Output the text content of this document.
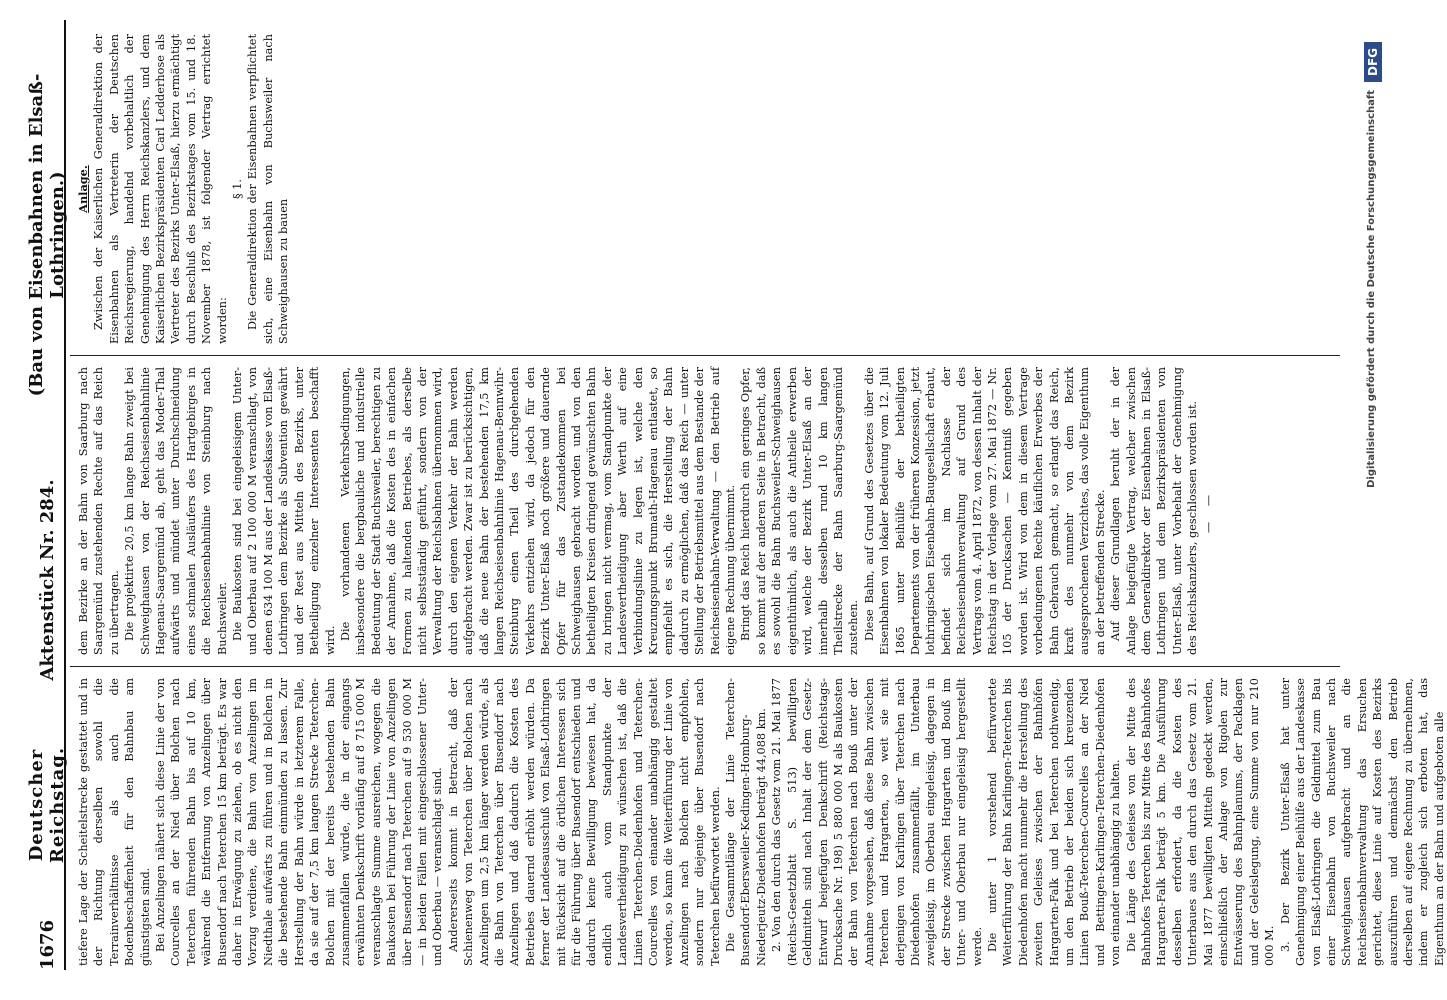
1676
Deutscher Reichstag.
Aktenstück Nr. 284.
(Bau von Eisenbahnen in Elsaß-Lothringen.)

tiefere Lage der Scheitelstrecke gestattet und in der Richtung derselben sowohl die Terrainverhältnisse als auch die Bodenbeschaffenheit für den Bahnbau am günstigsten sind. Bei Anzelingen nähert sich diese Linie der von Courcelles an der Nied über Bolchen nach Teterchen führenden Bahn bis auf 10 km, während die Entfernung von Anzelingen über Busendorf nach Teterchen 15 km beträgt. Es war daher in Erwägung zu ziehen, ob es nicht den Vorzug verdiene, die Bahn von Anzelingen im Niedthale aufwärts zu führen und in Bolchen in die bestehende Bahn einmünden zu lassen. Zur Herstellung der Bahn würde in letzterem Falle, da sie auf der 7,5 km langen Strecke Teterchen-Bolchen mit der bereits bestehenden Bahn zusammenfallen würde, die in der eingangs erwähnten Denkschrift vorläufig auf 8 715 000 M veranschlagte Summe ausreichen, wogegen die Baukosten bei Führung der Linie von Anzelingen über Busendorf nach Teterchen auf 9 530 000 M — in beiden Fällen mit eingeschlossener Unter- und Oberbau — veranschlagt sind. Andererseits kommt in Betracht, daß der Schienenweg von Teterchen über Bolchen nach Anzelingen um 2,5 km länger werden würde, als die Bahn von Teterchen über Busendorf nach Anzelingen und daß dadurch die Kosten des Betriebes dauernd erhöht werden würden. Da ferner der Landesausschuß von Elsaß-Lothringen mit Rücksicht auf die örtlichen Interessen sich für die Führung über Busendorf entschieden und dadurch keine Bewilligung bewiesen hat, da endlich auch vom Standpunkte der Landesvertheidigung zu wünschen ist, daß die Linien Teterchen-Diedenhofen und Teterchen-Courcelles von einander unabhängig gestaltet werden, so kann die Weiterführung der Linie von Anzelingen nach Bolchen nicht empfohlen, sondern nur diejenige über Busendorf nach Teterchen befürwortet werden. Die Gesammtlänge der Linie Teterchen-Busendorf-Ebersweiler-Kedingen-Homburg-Niederjeutz-Diedenhofen beträgt 44,088 km. 2. Von den durch das Gesetz vom 21. Mai 1877 (Reichs-Gesetzblatt S. 513) bewilligten Geldmitteln sind nach Inhalt der dem Gesetz-Entwurf beigefügten Denkschrift (Reichstags-Drucksache Nr. 198) 5 880 000 M als Baukosten der Bahn von Teterchen nach Bouß unter der Annahme vorgesehen, daß diese Bahn zwischen Teterchen und Hargarten, so weit sie mit derjenigen von Karlingen über Teterchen nach Diedenhofen zusammenfällt, im Unterbau zweigleisig, im Oberbau eingeleisig, dagegen in der Strecke zwischen Hargarten und Bouß im Unter- und Oberbau nur eingeleisig hergestellt werde. Die unter 1 vorstehend befürwortete Weiterführung der Bahn Karlingen-Teterchen bis Diedenhofen macht nunmehr die Herstellung des zweiten Geleises zwischen der Bahnhöfen Hargarten-Falk und bei Teterchen nothwendig, um den Betrieb der beiden sich kreuzenden Linien Bouß-Teterchen-Courcelles an der Nied und Bettingen-Karlingen-Teterchen-Diedenhofen von einander unabhängig zu halten. Die Länge des Geleises von der Mitte des Bahnhofes Teterchen bis zur Mitte des Bahnhofes Hargarten-Falk beträgt 5 km. Die Ausführung desselben erfordert, da die Kosten des Unterbaues aus den durch das Gesetz vom 21. Mai 1877 bewilligten Mitteln gedeckt werden, einschließlich der Anlage von Rigolen zur Entwässerung des Bahnplanums, der Packlagen und der Geleislegung, eine Summe von nur 210 000 M. 3. Der Bezirk Unter-Elsaß hat unter Genehmigung einer Beihülfe aus der Landeskasse von Elsaß-Lothringen die Geldmittel zum Bau einer Eisenbahn von Buchsweiler nach Schweighausen aufgebracht und an die Reichseisenbahnverwaltung das Ersuchen gerichtet, diese Linie auf Kosten des Bezirks auszuführen und demnächst den Betrieb derselben auf eigene Rechnung zu übernehmen, indem er zugleich sich erboten hat, das Eigenthum an der Bahn und aufgeboten alle

dem Bezirke an der Bahn von Saarburg nach Saargemünd zustehenden Rechte auf das Reich zu übertragen. Die projektirte 20,5 km lange Bahn zweigt bei Schweighausen von der Reichseisenbahnlinie Hagenau-Saargemünd ab, geht das Moder-Thal aufwärts und mündet unter Durchschneidung eines schmalen Ausläufers des Hartgebirges in die Reichseisenbahnlinie von Steinburg nach Buchsweiler. Die Baukosten sind bei eingeleisigem Unter- und Oberbau auf 2 100 000 M veranschlagt, von denen 634 100 M aus der Landeskasse von Elsaß-Lothringen dem Bezirke als Subvention gewährt und der Rest aus Mitteln des Bezirks, unter Betheiligung einzelner Interessenten beschafft wird. Die vorhandenen Verkehrsbedingungen, insbesondere die bergbauliche und industrielle Bedeutung der Stadt Buchsweiler, berechtigen zu der Annahme, daß die Kosten des in einfachen Formen zu haltenden Betriebes, als derselbe nicht selbstständig geführt, sondern von der Verwaltung der Reichsbahnen übernommen wird, durch den eigenen Verkehr der Bahn werden aufgebracht werden. Zwar ist zu berücksichtigen, daß die neue Bahn der bestehenden 17,5 km langen Reichseisenbahnlinie Hagenau-Bennwihr-Steinburg einen Theil des durchgehenden Verkehrs entziehen wird, da jedoch für den Bezirk Unter-Elsaß noch größere und dauernde Opfer für das Zustandekommen bei Schweighausen gebracht worden und von den betheiligten Kreisen dringend gewünschten Bahn zu bringen nicht vermag, vom Standpunkte der Landesvertheidigung aber Werth auf eine Verbindungslinie zu legen ist, welche den Kreuzungspunkt Brumath-Hagenau entlastet, so empfiehlt es sich, die Herstellung der Bahn dadurch zu ermöglichen, daß das Reich — unter Stellung der Betriebsmittel aus dem Bestande der Reichseisenbahn-Verwaltung — den Betrieb auf eigene Rechnung übernimmt. Bringt das Reich hierdurch ein geringes Opfer, so kommt auf der anderen Seite in Betracht, daß es sowohl die Bahn Buchsweiler-Schweighausen eigenthümlich, als auch die Antheile erwerben wird, welche der Bezirk Unter-Elsaß an der innerhalb desselben rund 10 km langen Theilstrecke der Bahn Saarburg-Saargemünd zustehen. Diese Bahn, auf Grund des Gesetzes über die Eisenbahnen von lokaler Bedeutung vom 12. Juli 1865 unter Beihülfe der betheiligten Departements von der früheren Konzession, jetzt lothringischen Eisenbahn-Baugesellschaft erbaut, befindet sich im Nachlasse der Reichseisenbahnverwaltung auf Grund des Vertrags vom 4. April 1872, von dessen Inhalt der Reichstag in der Vorlage vom 27. Mai 1872 — Nr. 105 der Drucksachen — Kenntniß gegeben worden ist. Wird von dem in diesem Vertrage vorbedungenen Rechte käuflichen Erwerbes der Bahn Gebrauch gemacht, so erlangt das Reich, kraft des nunmehr von dem Bezirk ausgesprochenen Verzichtes, das volle Eigenthum an der betreffenden Strecke. Auf dieser Grundlagen beruht der in der Anlage beigefügte Vertrag, welcher zwischen dem Generaldirektor der Eisenbahnen in Elsaß-Lothringen und dem Bezirkspräsidenten von Unter-Elsaß, unter Vorbehalt der Genehmigung des Reichskanzlers, geschlossen worden ist. — —

Anlage. Zwischen der Kaiserlichen Generaldirektion der Eisenbahnen als Vertreterin der Deutschen Reichsregierung, handelnd vorbehaltlich der Genehmigung des Herrn Reichskanzlers, und dem Kaiserlichen Bezirkspräsidenten Carl Ledderhose als Vertreter des Bezirks Unter-Elsaß, hierzu ermächtigt durch Beschluß des Bezirkstages vom 15. und 18. November 1878, ist folgender Vertrag errichtet worden:

§ 1. Die Generaldirektion der Eisenbahnen verpflichtet sich, eine Eisenbahn von Buchsweiler nach Schweighausen zu bauen	Digitalisierung gefördert durch die Deutsche Forschungsgemeinschaft
DFG
